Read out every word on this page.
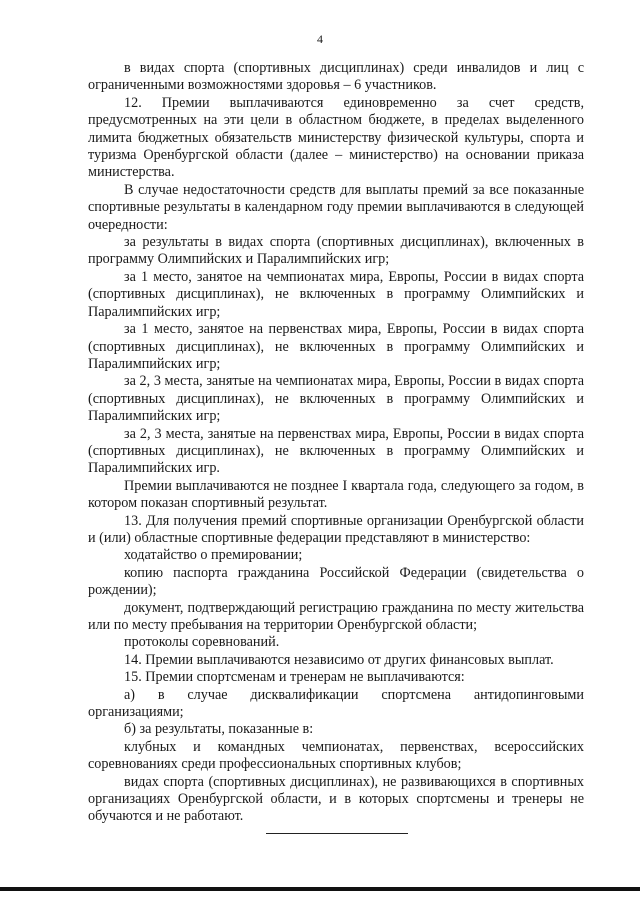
4

в видах спорта (спортивных дисциплинах) среди инвалидов и лиц с ограниченными возможностями здоровья – 6 участников.

12. Премии выплачиваются единовременно за счет средств, предусмотренных на эти цели в областном бюджете, в пределах выделенного лимита бюджетных обязательств министерству физической культуры, спорта и туризма Оренбургской области (далее – министерство) на основании приказа министерства.

В случае недостаточности средств для выплаты премий за все показанные спортивные результаты в календарном году премии выплачиваются в следующей очередности:

за результаты в видах спорта (спортивных дисциплинах), включенных в программу Олимпийских и Паралимпийских игр;

за 1 место, занятое на чемпионатах мира, Европы, России в видах спорта (спортивных дисциплинах), не включенных в программу Олимпийских и Паралимпийских игр;

за 1 место, занятое на первенствах мира, Европы, России в видах спорта (спортивных дисциплинах), не включенных в программу Олимпийских и Паралимпийских игр;

за 2, 3 места, занятые на чемпионатах мира, Европы, России в видах спорта (спортивных дисциплинах), не включенных в программу Олимпийских и Паралимпийских игр;

за 2, 3 места, занятые на первенствах мира, Европы, России в видах спорта (спортивных дисциплинах), не включенных в программу Олимпийских и Паралимпийских игр.

Премии выплачиваются не позднее I квартала года, следующего за годом, в котором показан спортивный результат.

13. Для получения премий спортивные организации Оренбургской области и (или) областные спортивные федерации представляют в министерство:

ходатайство о премировании;

копию паспорта гражданина Российской Федерации (свидетельства о рождении);

документ, подтверждающий регистрацию гражданина по месту жительства или по месту пребывания на территории Оренбургской области;

протоколы соревнований.

14. Премии выплачиваются независимо от других финансовых выплат.

15. Премии спортсменам и тренерам не выплачиваются:

а) в случае дисквалификации спортсмена антидопинговыми организациями;

б) за результаты, показанные в:

клубных и командных чемпионатах, первенствах, всероссийских соревнованиях среди профессиональных спортивных клубов;

видах спорта (спортивных дисциплинах), не развивающихся в спортивных организациях Оренбургской области, и в которых спортсмены и тренеры не обучаются и не работают.
